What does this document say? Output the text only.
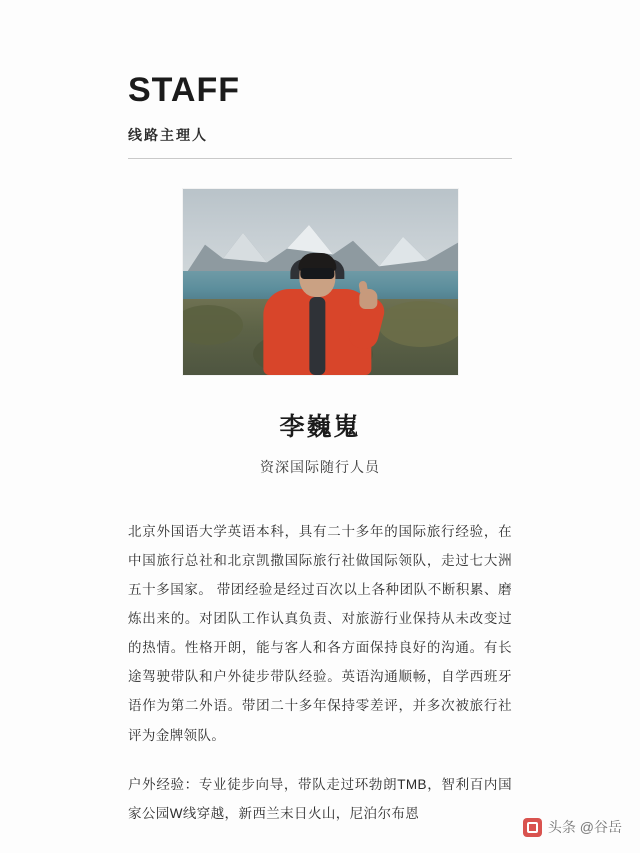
STAFF
线路主理人
李巍嵬
资深国际随行人员
北京外国语大学英语本科，具有二十多年的国际旅行经验，在中国旅行总社和北京凯撒国际旅行社做国际领队，走过七大洲五十多国家。 带团经验是经过百次以上各种团队不断积累、磨炼出来的。对团队工作认真负责、对旅游行业保持从未改变过的热情。性格开朗，能与客人和各方面保持良好的沟通。有长途驾驶带队和户外徒步带队经验。英语沟通顺畅，自学西班牙语作为第二外语。带团二十多年保持零差评，并多次被旅行社评为金牌领队。
户外经验：专业徒步向导，带队走过环勃朗TMB，智利百内国家公园W线穿越，新西兰末日火山，尼泊尔布恩
头条 @谷岳
